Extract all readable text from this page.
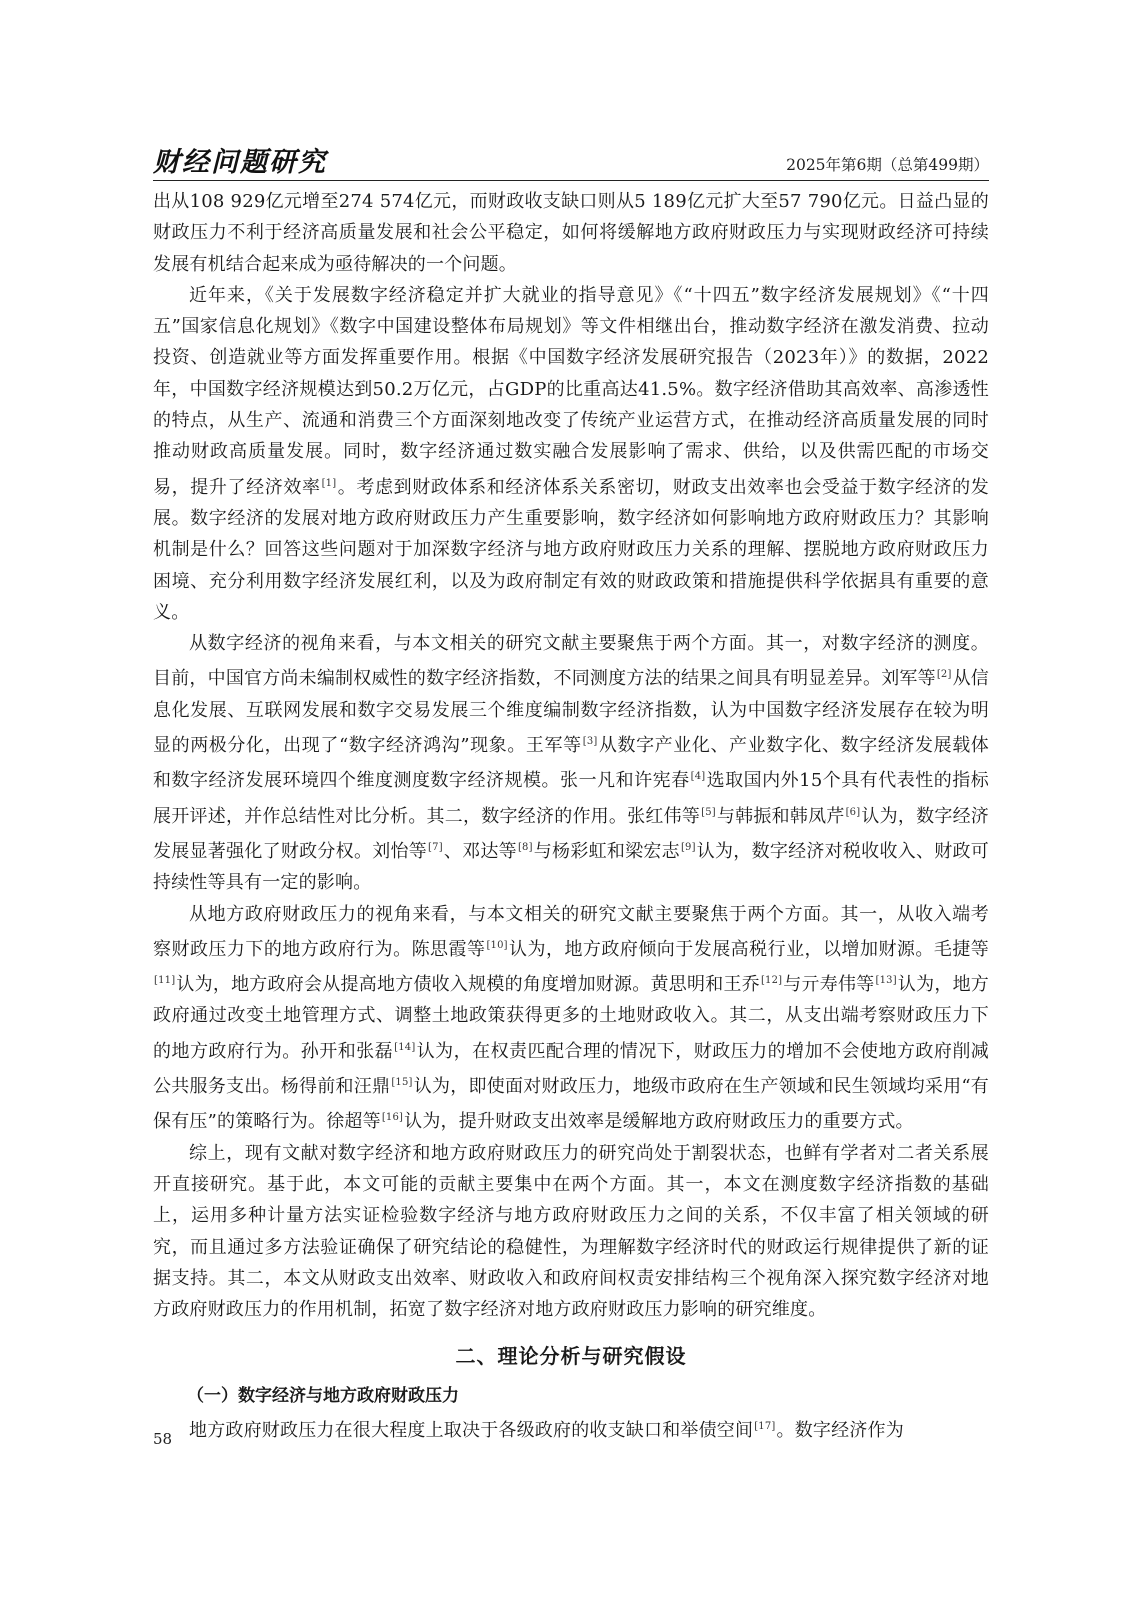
财经问题研究	2025年第6期（总第499期）

出从108 929亿元增至274 574亿元，而财政收支缺口则从5 189亿元扩大至57 790亿元。日益凸显的财政压力不利于经济高质量发展和社会公平稳定，如何将缓解地方政府财政压力与实现财政经济可持续发展有机结合起来成为亟待解决的一个问题。

近年来，《关于发展数字经济稳定并扩大就业的指导意见》《“十四五”数字经济发展规划》《“十四五”国家信息化规划》《数字中国建设整体布局规划》等文件相继出台，推动数字经济在激发消费、拉动投资、创造就业等方面发挥重要作用。根据《中国数字经济发展研究报告（2023年）》的数据，2022年，中国数字经济规模达到50.2万亿元，占GDP的比重高达41.5%。数字经济借助其高效率、高渗透性的特点，从生产、流通和消费三个方面深刻地改变了传统产业运营方式，在推动经济高质量发展的同时推动财政高质量发展。同时，数字经济通过数实融合发展影响了需求、供给，以及供需匹配的市场交易，提升了经济效率[1]。考虑到财政体系和经济体系关系密切，财政支出效率也会受益于数字经济的发展。数字经济的发展对地方政府财政压力产生重要影响，数字经济如何影响地方政府财政压力？其影响机制是什么？回答这些问题对于加深数字经济与地方政府财政压力关系的理解、摆脱地方政府财政压力困境、充分利用数字经济发展红利，以及为政府制定有效的财政政策和措施提供科学依据具有重要的意义。

从数字经济的视角来看，与本文相关的研究文献主要聚焦于两个方面。其一，对数字经济的测度。目前，中国官方尚未编制权威性的数字经济指数，不同测度方法的结果之间具有明显差异。刘军等[2]从信息化发展、互联网发展和数字交易发展三个维度编制数字经济指数，认为中国数字经济发展存在较为明显的两极分化，出现了“数字经济鸿沟”现象。王军等[3]从数字产业化、产业数字化、数字经济发展载体和数字经济发展环境四个维度测度数字经济规模。张一凡和许宪春[4]选取国内外15个具有代表性的指标展开评述，并作总结性对比分析。其二，数字经济的作用。张红伟等[5]与韩振和韩凤芹[6]认为，数字经济发展显著强化了财政分权。刘怡等[7]、邓达等[8]与杨彩虹和梁宏志[9]认为，数字经济对税收收入、财政可持续性等具有一定的影响。

从地方政府财政压力的视角来看，与本文相关的研究文献主要聚焦于两个方面。其一，从收入端考察财政压力下的地方政府行为。陈思霞等[10]认为，地方政府倾向于发展高税行业，以增加财源。毛捷等[11]认为，地方政府会从提高地方债收入规模的角度增加财源。黄思明和王乔[12]与亓寿伟等[13]认为，地方政府通过改变土地管理方式、调整土地政策获得更多的土地财政收入。其二，从支出端考察财政压力下的地方政府行为。孙开和张磊[14]认为，在权责匹配合理的情况下，财政压力的增加不会使地方政府削减公共服务支出。杨得前和汪鼎[15]认为，即使面对财政压力，地级市政府在生产领域和民生领域均采用“有保有压”的策略行为。徐超等[16]认为，提升财政支出效率是缓解地方政府财政压力的重要方式。

综上，现有文献对数字经济和地方政府财政压力的研究尚处于割裂状态，也鲜有学者对二者关系展开直接研究。基于此，本文可能的贡献主要集中在两个方面。其一，本文在测度数字经济指数的基础上，运用多种计量方法实证检验数字经济与地方政府财政压力之间的关系，不仅丰富了相关领域的研究，而且通过多方法验证确保了研究结论的稳健性，为理解数字经济时代的财政运行规律提供了新的证据支持。其二，本文从财政支出效率、财政收入和政府间权责安排结构三个视角深入探究数字经济对地方政府财政压力的作用机制，拓宽了数字经济对地方政府财政压力影响的研究维度。

二、理论分析与研究假设
（一）数字经济与地方政府财政压力

地方政府财政压力在很大程度上取决于各级政府的收支缺口和举债空间[17]。数字经济作为

58
